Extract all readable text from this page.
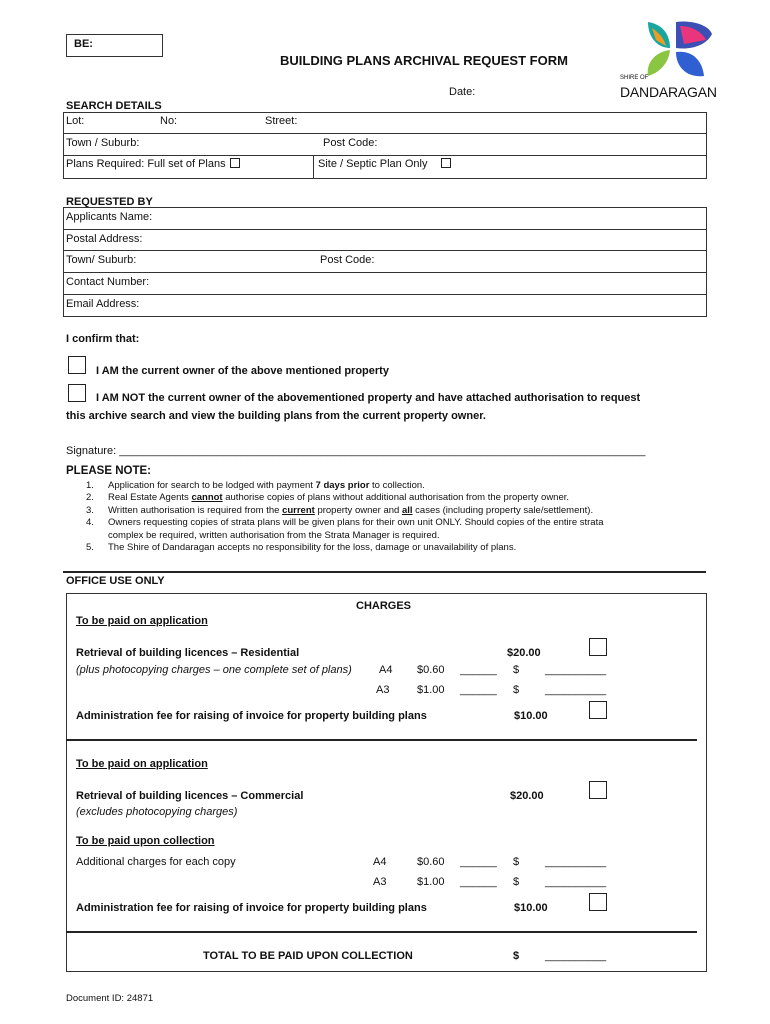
BE:
BUILDING PLANS ARCHIVAL REQUEST FORM
Date:
SHIRE OF
DANDARAGAN
SEARCH DETAILS
Lot:	No:	Street:
Town / Suburb:	Post Code:
Plans Required: Full set of Plans	Site / Septic Plan Only
REQUESTED BY
Applicants Name:
Postal Address:
Town/ Suburb:	Post Code:
Contact Number:
Email Address:
I confirm that:
I AM the current owner of the above mentioned property
I AM NOT the current owner of the abovementioned property and have attached authorisation to request
this archive search and view the building plans from the current property owner.
Signature: ______________________________________________________________________________________
PLEASE NOTE:
1.	Application for search to be lodged with payment 7 days prior to collection.
2.	Real Estate Agents cannot authorise copies of plans without additional authorisation from the property owner.
3.	Written authorisation is required from the current property owner and all cases (including property sale/settlement).
4.	Owners requesting copies of strata plans will be given plans for their own unit ONLY. Should copies of the entire strata
complex be required, written authorisation from the Strata Manager is required.
5.	The Shire of Dandaragan accepts no responsibility for the loss, damage or unavailability of plans.
OFFICE USE ONLY
CHARGES
To be paid on application
Retrieval of building licences – Residential	$20.00
(plus photocopying charges – one complete set of plans) A4 $0.60 ______ $ __________
A3	$1.00 ______ $ __________
Administration fee for raising of invoice for property building plans	$10.00
To be paid on application
Retrieval of building licences – Commercial	$20.00
(excludes photocopying charges)
To be paid upon collection
Additional charges for each copy	A4	$0.60 ______ $ __________
A3	$1.00 ______ $ __________
Administration fee for raising of invoice for property building plans	$10.00
TOTAL TO BE PAID UPON COLLECTION	$ __________
Document ID: 24871
